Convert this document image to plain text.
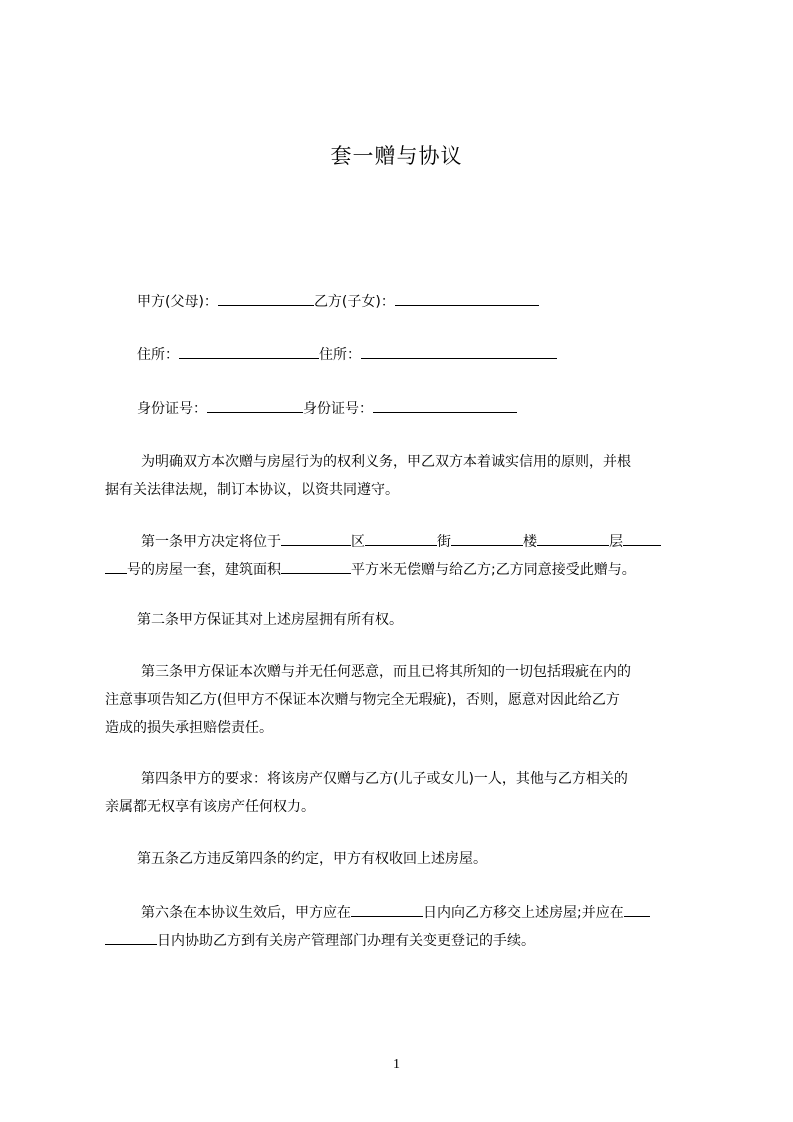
套一赠与协议
甲方(父母)：	乙方(子女)：
住所：	住所：
身份证号：	身份证号：
为明确双方本次赠与房屋行为的权利义务，甲乙双方本着诚实信用的原则，并根
据有关法律法规，制订本协议，以资共同遵守。
第一条甲方决定将位于	区	街	楼	层
号的房屋一套，建筑面积	平方米无偿赠与给乙方;乙方同意接受此赠与。
第二条甲方保证其对上述房屋拥有所有权。
第三条甲方保证本次赠与并无任何恶意，而且已将其所知的一切包括瑕疵在内的
注意事项告知乙方(但甲方不保证本次赠与物完全无瑕疵)，否则，愿意对因此给乙方
造成的损失承担赔偿责任。
第四条甲方的要求：将该房产仅赠与乙方(儿子或女儿)一人，其他与乙方相关的
亲属都无权享有该房产任何权力。
第五条乙方违反第四条的约定，甲方有权收回上述房屋。
第六条在本协议生效后，甲方应在	日内向乙方移交上述房屋;并应在
日内协助乙方到有关房产管理部门办理有关变更登记的手续。
1
